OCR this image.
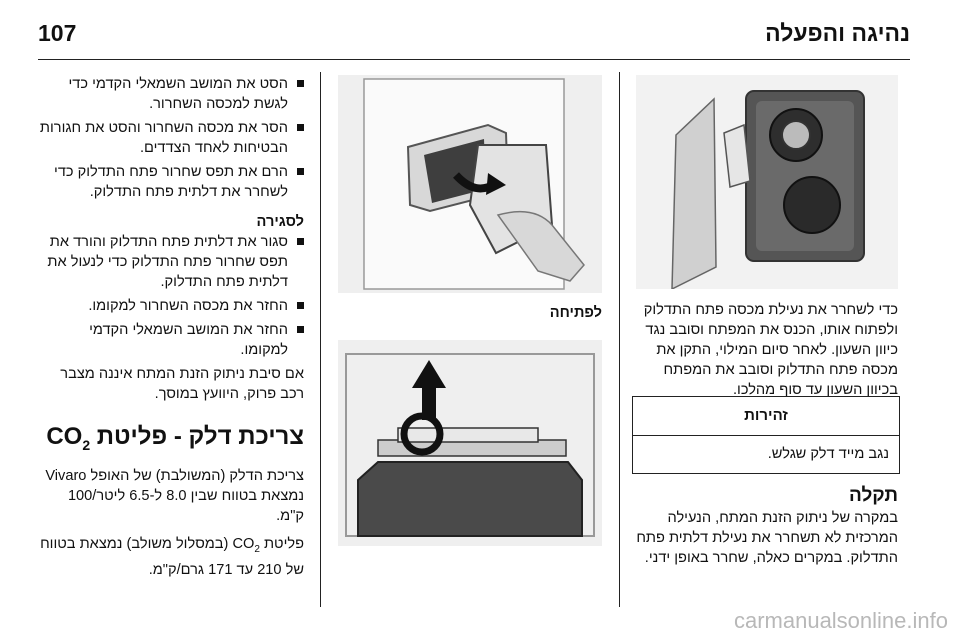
107	נהיגה והפעלה

הסט את המושב השמאלי הקדמי כדי לגשת למכסה השחרור.

הסר את מכסה השחרור והסט את חגורות הבטיחות לאחד הצדדים.

הרם את תפס שחרור פתח התדלוק כדי לשחרר את דלתית פתח התדלוק.

לסגירה

סגור את דלתית פתח התדלוק והורד את תפס שחרור פתח התדלוק כדי לנעול את דלתית פתח התדלוק.

החזר את מכסה השחרור למקומו.

החזר את המושב השמאלי הקדמי למקומו.

אם סיבת ניתוק הזנת המתח איננה מצבר רכב פרוק, היוועץ במוסך.

צריכת דלק - פליטת $CO_2$

צריכת הדלק (המשולבת) של האופל Vivaro נמצאת בטווח שבין 8.0 ל-6.5 ליטר/100 ק"מ.

פליטת $CO_2$ (במסלול משולב) נמצאת בטווח של 210 עד 171 גרם/ק"מ.

לפתיחה	כדי לשחרר את נעילת מכסה פתח התדלוק ולפתוח אותו, הכנס את המפתח וסובב נגד כיוון השעון. לאחר סיום המילוי, התקן את מכסה פתח התדלוק וסובב את המפתח בכיוון השעון עד סוף מהלכו.

זהירות
נגב מייד דלק שגלש.

תקלה

במקרה של ניתוק הזנת המתח, הנעילה המרכזית לא תשחרר את נעילת דלתית פתח התדלוק. במקרים כאלה, שחרר באופן ידני.

carmanualsonline.info
